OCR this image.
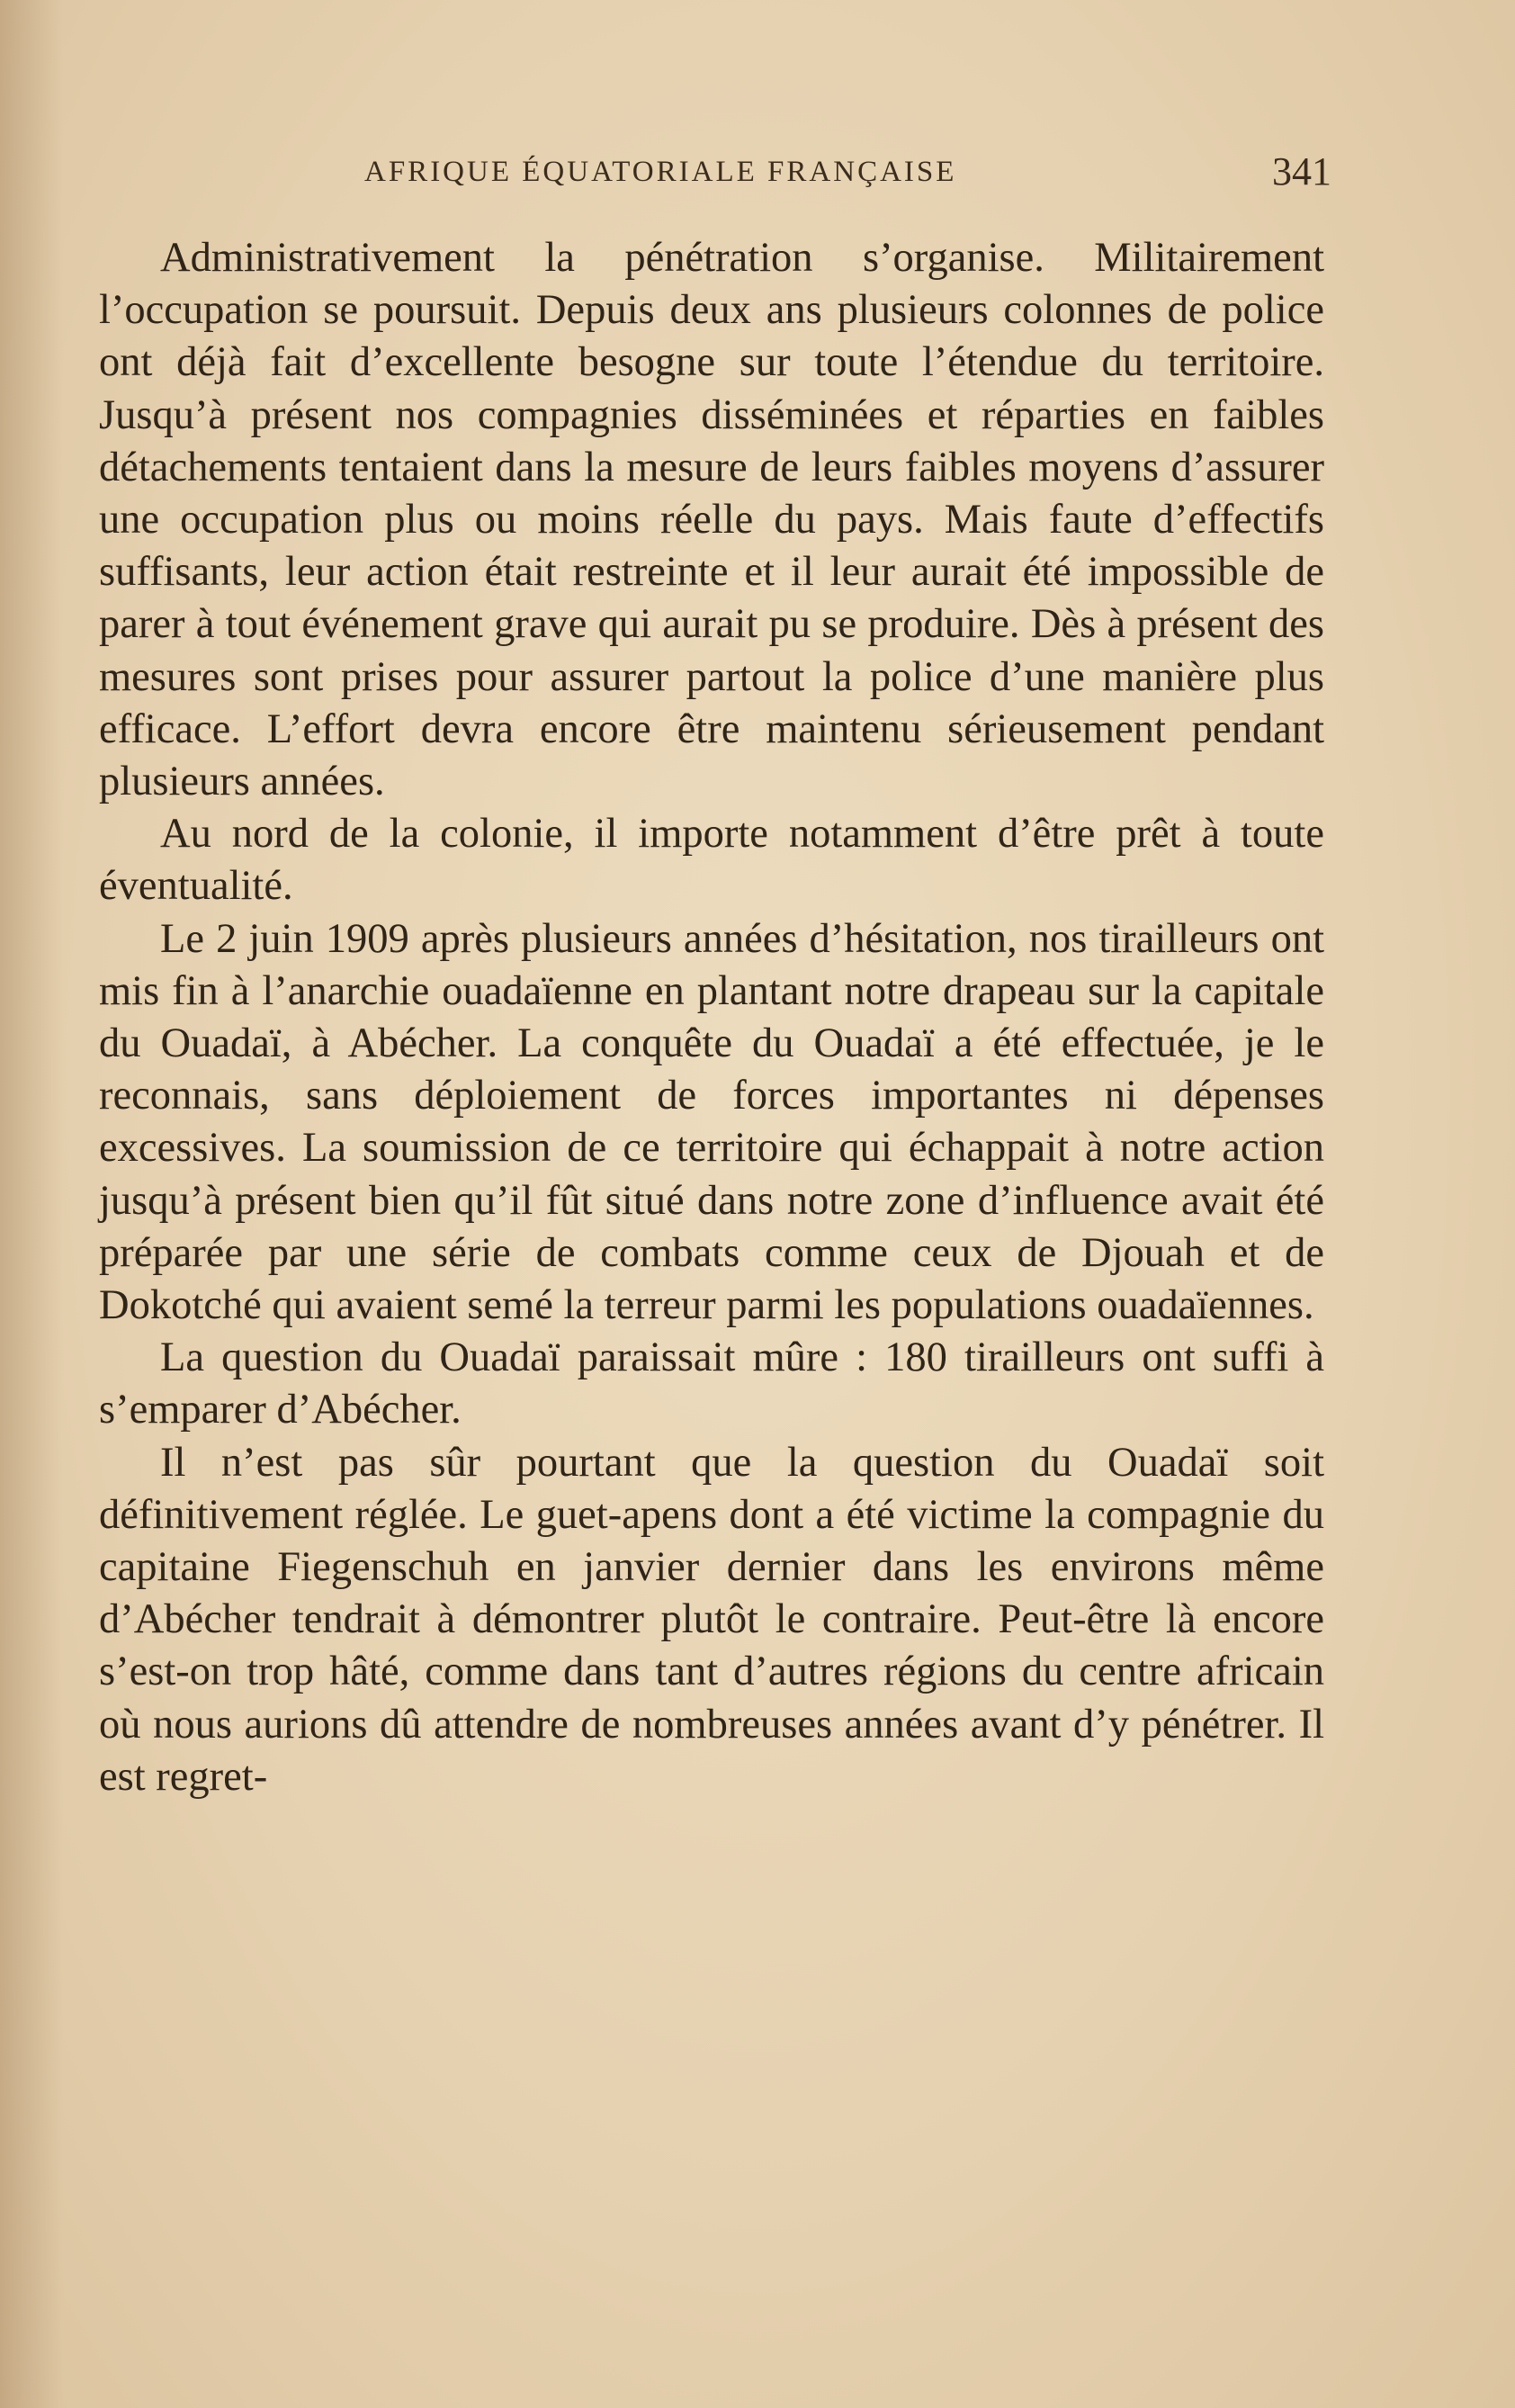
AFRIQUE ÉQUATORIALE FRANÇAISE	341

Administrativement la pénétration s’organise. Militairement l’occupation se poursuit. Depuis deux ans plusieurs colonnes de police ont déjà fait d’excellente besogne sur toute l’étendue du territoire. Jusqu’à présent nos compagnies disséminées et réparties en faibles détachements tentaient dans la mesure de leurs faibles moyens d’assurer une occupation plus ou moins réelle du pays. Mais faute d’effectifs suffisants, leur action était restreinte et il leur aurait été impossible de parer à tout événement grave qui aurait pu se produire. Dès à présent des mesures sont prises pour assurer partout la police d’une manière plus efficace. L’effort devra encore être maintenu sérieusement pendant plusieurs années.

Au nord de la colonie, il importe notamment d’être prêt à toute éventualité.

Le 2 juin 1909 après plusieurs années d’hésitation, nos tirailleurs ont mis fin à l’anarchie ouadaïenne en plantant notre drapeau sur la capitale du Ouadaï, à Abécher. La conquête du Ouadaï a été effectuée, je le reconnais, sans déploiement de forces importantes ni dépenses excessives. La soumission de ce territoire qui échappait à notre action jusqu’à présent bien qu’il fût situé dans notre zone d’influence avait été préparée par une série de combats comme ceux de Djouah et de Dokotché qui avaient semé la terreur parmi les populations ouadaïennes.

La question du Ouadaï paraissait mûre : 180 tirailleurs ont suffi à s’emparer d’Abécher.

Il n’est pas sûr pourtant que la question du Ouadaï soit définitivement réglée. Le guet-apens dont a été victime la compagnie du capitaine Fiegenschuh en janvier dernier dans les environs même d’Abécher tendrait à démontrer plutôt le contraire. Peut-être là encore s’est-on trop hâté, comme dans tant d’autres régions du centre africain où nous aurions dû attendre de nombreuses années avant d’y pénétrer. Il est regret-
